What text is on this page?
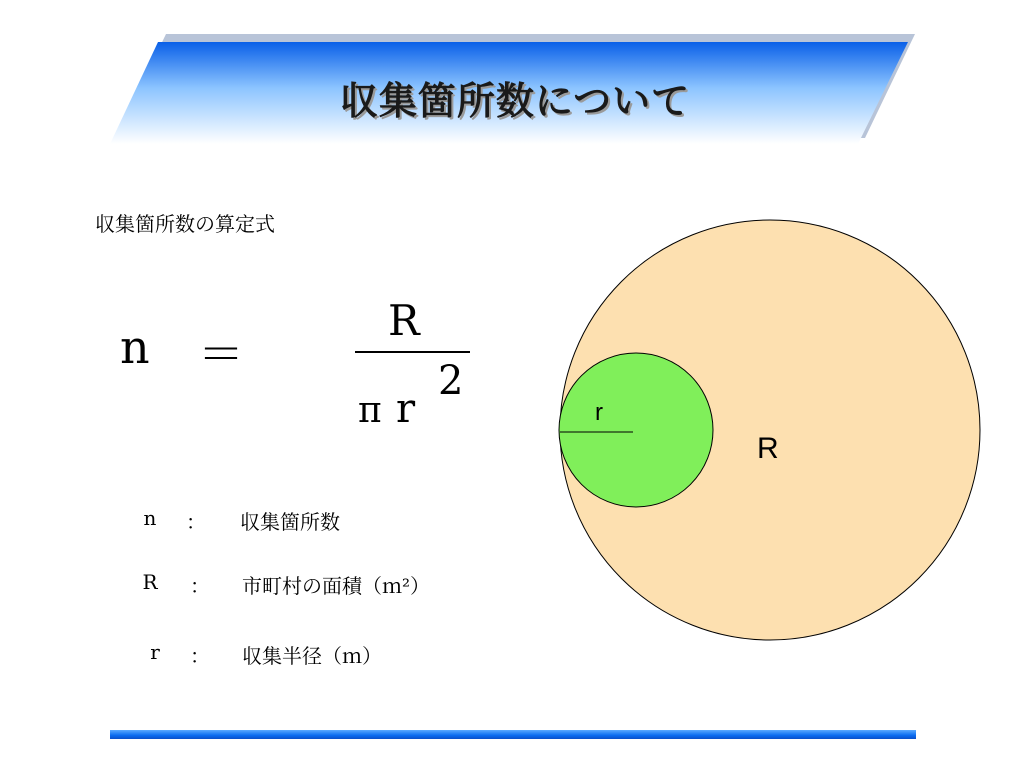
収集箇所数について
収集箇所数の算定式
n ＝
R
π r
2
n	： 収集箇所数
R	： 市町村の面積（ｍ²）
r	： 収集半径（ｍ）
r
R
